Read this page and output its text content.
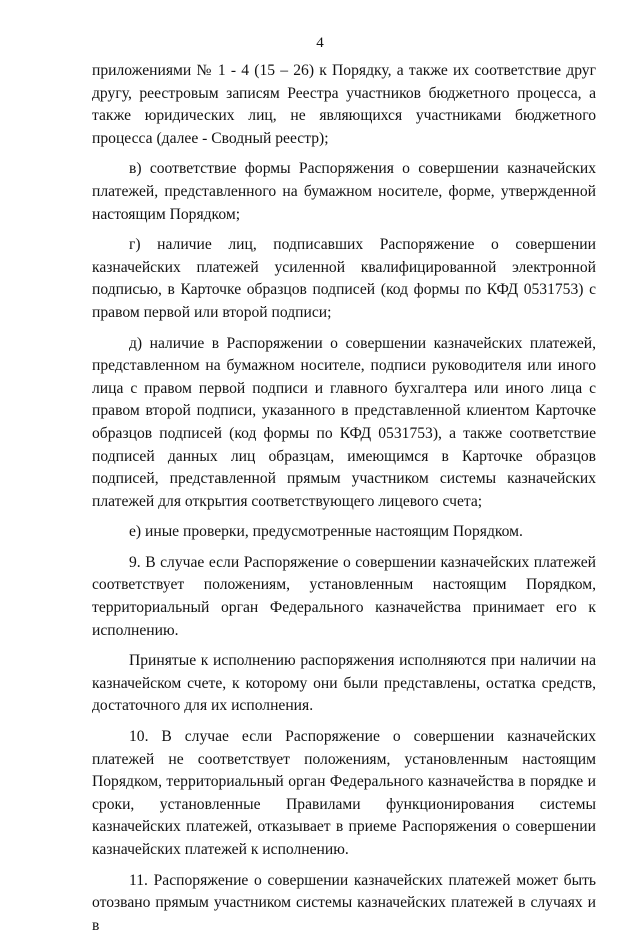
4

приложениями № 1 - 4 (15 – 26) к Порядку, а также их соответствие друг другу, реестровым записям Реестра участников бюджетного процесса, а также юридических лиц, не являющихся участниками бюджетного процесса (далее - Сводный реестр);

в) соответствие формы Распоряжения о совершении казначейских платежей, представленного на бумажном носителе, форме, утвержденной настоящим Порядком;

г) наличие лиц, подписавших Распоряжение о совершении казначейских платежей усиленной квалифицированной электронной подписью, в Карточке образцов подписей (код формы по КФД 0531753) с правом первой или второй подписи;

д) наличие в Распоряжении о совершении казначейских платежей, представленном на бумажном носителе, подписи руководителя или иного лица с правом первой подписи и главного бухгалтера или иного лица с правом второй подписи, указанного в представленной клиентом Карточке образцов подписей (код формы по КФД 0531753), а также соответствие подписей данных лиц образцам, имеющимся в Карточке образцов подписей, представленной прямым участником системы казначейских платежей для открытия соответствующего лицевого счета;

е) иные проверки, предусмотренные настоящим Порядком.

9. В случае если Распоряжение о совершении казначейских платежей соответствует положениям, установленным настоящим Порядком, территориальный орган Федерального казначейства принимает его к исполнению.

Принятые к исполнению распоряжения исполняются при наличии на казначейском счете, к которому они были представлены, остатка средств, достаточного для их исполнения.

10. В случае если Распоряжение о совершении казначейских платежей не соответствует положениям, установленным настоящим Порядком, территориальный орган Федерального казначейства в порядке и сроки, установленные Правилами функционирования системы казначейских платежей, отказывает в приеме Распоряжения о совершении казначейских платежей к исполнению.

11. Распоряжение о совершении казначейских платежей может быть отозвано прямым участником системы казначейских платежей в случаях и в
